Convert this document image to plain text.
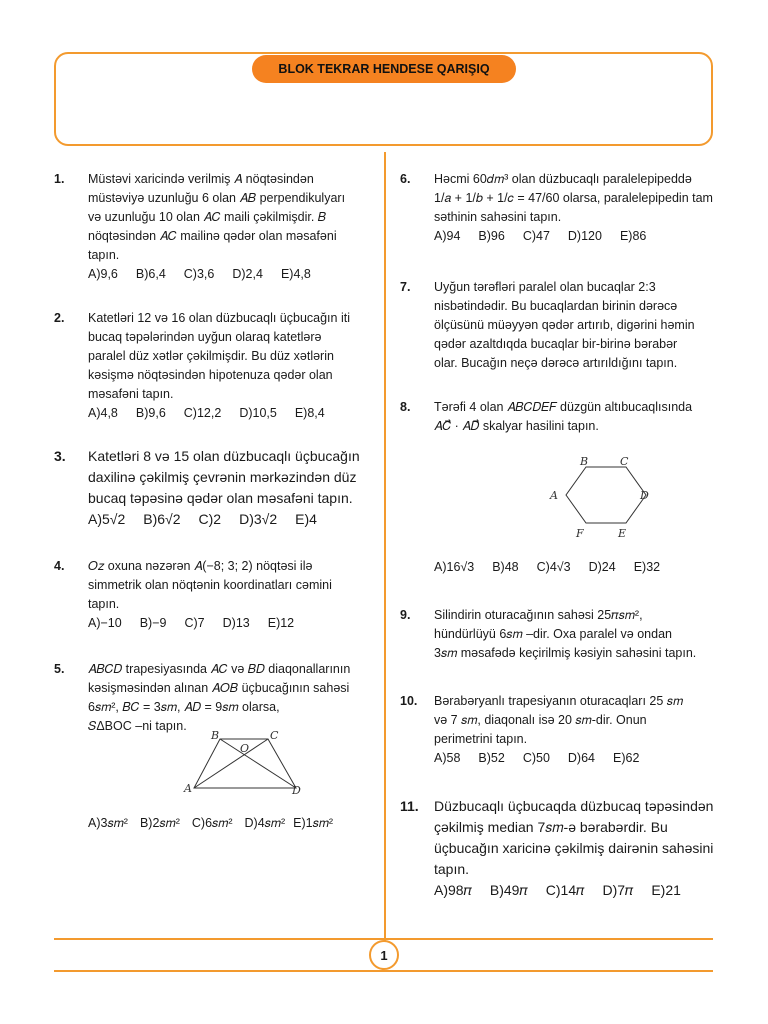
BLOK TEKRAR HENDESE QARIŞIQ
1. Müstəvi xaricində verilmiş 𝐴 nöqtəsindən

müstəviyə uzunluğu 6 olan 𝐴𝐵 perpendikulyarı

və uzunluğu 10 olan 𝐴𝐶 maili çəkilmişdir. 𝐵

nöqtəsindən 𝐴𝐶 mailinə qədər olan məsafəni

tapın.

A)9,6 B)6,4 C)3,6 D)2,4 E)4,8
2. Katetləri 12 və 16 olan düzbucaqlı üçbucağın iti

bucaq təpələrindən uyğun olaraq katetlərə

paralel düz xətlər çəkilmişdir. Bu düz xətlərin

kəsişmə nöqtəsindən hipotenuza qədər olan

məsafəni tapın.

A)4,8 B)9,6 C)12,2 D)10,5 E)8,4
3. Katetləri 8 və 15 olan düzbucaqlı üçbucağın

daxilinə çəkilmiş çevrənin mərkəzindən düz

bucaq təpəsinə qədər olan məsafəni tapın.

A)5√2 B)6√2 C)2 D)3√2 E)4
4. 𝑂𝑧 oxuna nəzərən 𝐴(−8; 3; 2) nöqtəsi ilə

simmetrik olan nöqtənin koordinatları cəmini

tapın.

A)−10 B)−9 C)7 D)13 E)12
5. 𝐴𝐵𝐶𝐷 trapesiyasında 𝐴𝐶 və 𝐵𝐷 diaqonallarının

kəsişməsindən alınan 𝐴𝑂𝐵 üçbucağının sahəsi

6𝑠𝑚², 𝐵𝐶 = 3𝑠𝑚, 𝐴𝐷 = 9𝑠𝑚 olarsa,

𝑆ΔBOC –ni tapın.

B	C
O
A	D
A)3𝑠𝑚² B)2𝑠𝑚² C)6𝑠𝑚² D)4𝑠𝑚² E)1𝑠𝑚²
6. Həcmi 60𝑑𝑚³ olan düzbucaqlı paralelepipeddə

1/𝑎 + 1/𝑏 + 1/𝑐 = 47/60 olarsa, paralelepipedin tam

səthinin sahəsini tapın.

A)94 B)96 C)47 D)120 E)86
7. Uyğun tərəfləri paralel olan bucaqlar 2:3

nisbətindədir. Bu bucaqlardan birinin dərəcə

ölçüsünü müəyyən qədər artırıb, digərini həmin

qədər azaltdıqda bucaqlar bir-birinə bərabər

olar. Bucağın neçə dərəcə artırıldığını tapın.

8. Tərəfi 4 olan 𝐴𝐵𝐶𝐷𝐸𝐹 düzgün altıbucaqlısında

𝐴𝐶⃗ · 𝐴𝐷⃗ skalyar hasilini tapın.

B	C
A	D
F	E
A)16√3 B)48 C)4√3 D)24 E)32
9. Silindirin oturacağının sahəsi 25𝜋𝑠𝑚²,

hündürlüyü 6𝑠𝑚 –dir. Oxa paralel və ondan

3𝑠𝑚 məsafədə keçirilmiş kəsiyin sahəsini tapın.

10. Bərabəryanlı trapesiyanın oturacaqları 25 𝑠𝑚

və 7 𝑠𝑚, diaqonalı isə 20 𝑠𝑚-dir. Onun

perimetrini tapın.

A)58 B)52 C)50 D)64 E)62
11. Düzbucaqlı üçbucaqda düzbucaq təpəsindən

çəkilmiş median 7𝑠𝑚-ə bərabərdir. Bu

üçbucağın xaricinə çəkilmiş dairənin sahəsini

tapın.

A)98𝜋 B)49𝜋 C)14𝜋 D)7𝜋 E)21
1
